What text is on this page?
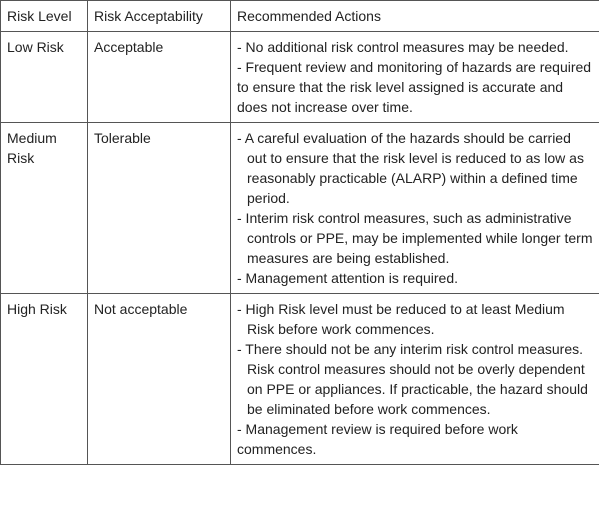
Risk Level	Risk Acceptability	Recommended Actions
Low Risk	Acceptable	- No additional risk control measures may be needed.
- Frequent review and monitoring of hazards are required to ensure that the risk level assigned is accurate and does not increase over time.

Medium Risk	Tolerable	- A careful evaluation of the hazards should be carried out to ensure that the risk level is reduced to as low as reasonably practicable (ALARP) within a defined time period.
- Interim risk control measures, such as administrative controls or PPE, may be implemented while longer term measures are being established.
- Management attention is required.

High Risk	Not acceptable	- High Risk level must be reduced to at least Medium Risk before work commences.
- There should not be any interim risk control measures. Risk control measures should not be overly dependent on PPE or appliances. If practicable, the hazard should be eliminated before work commences.
- Management review is required before work commences.
